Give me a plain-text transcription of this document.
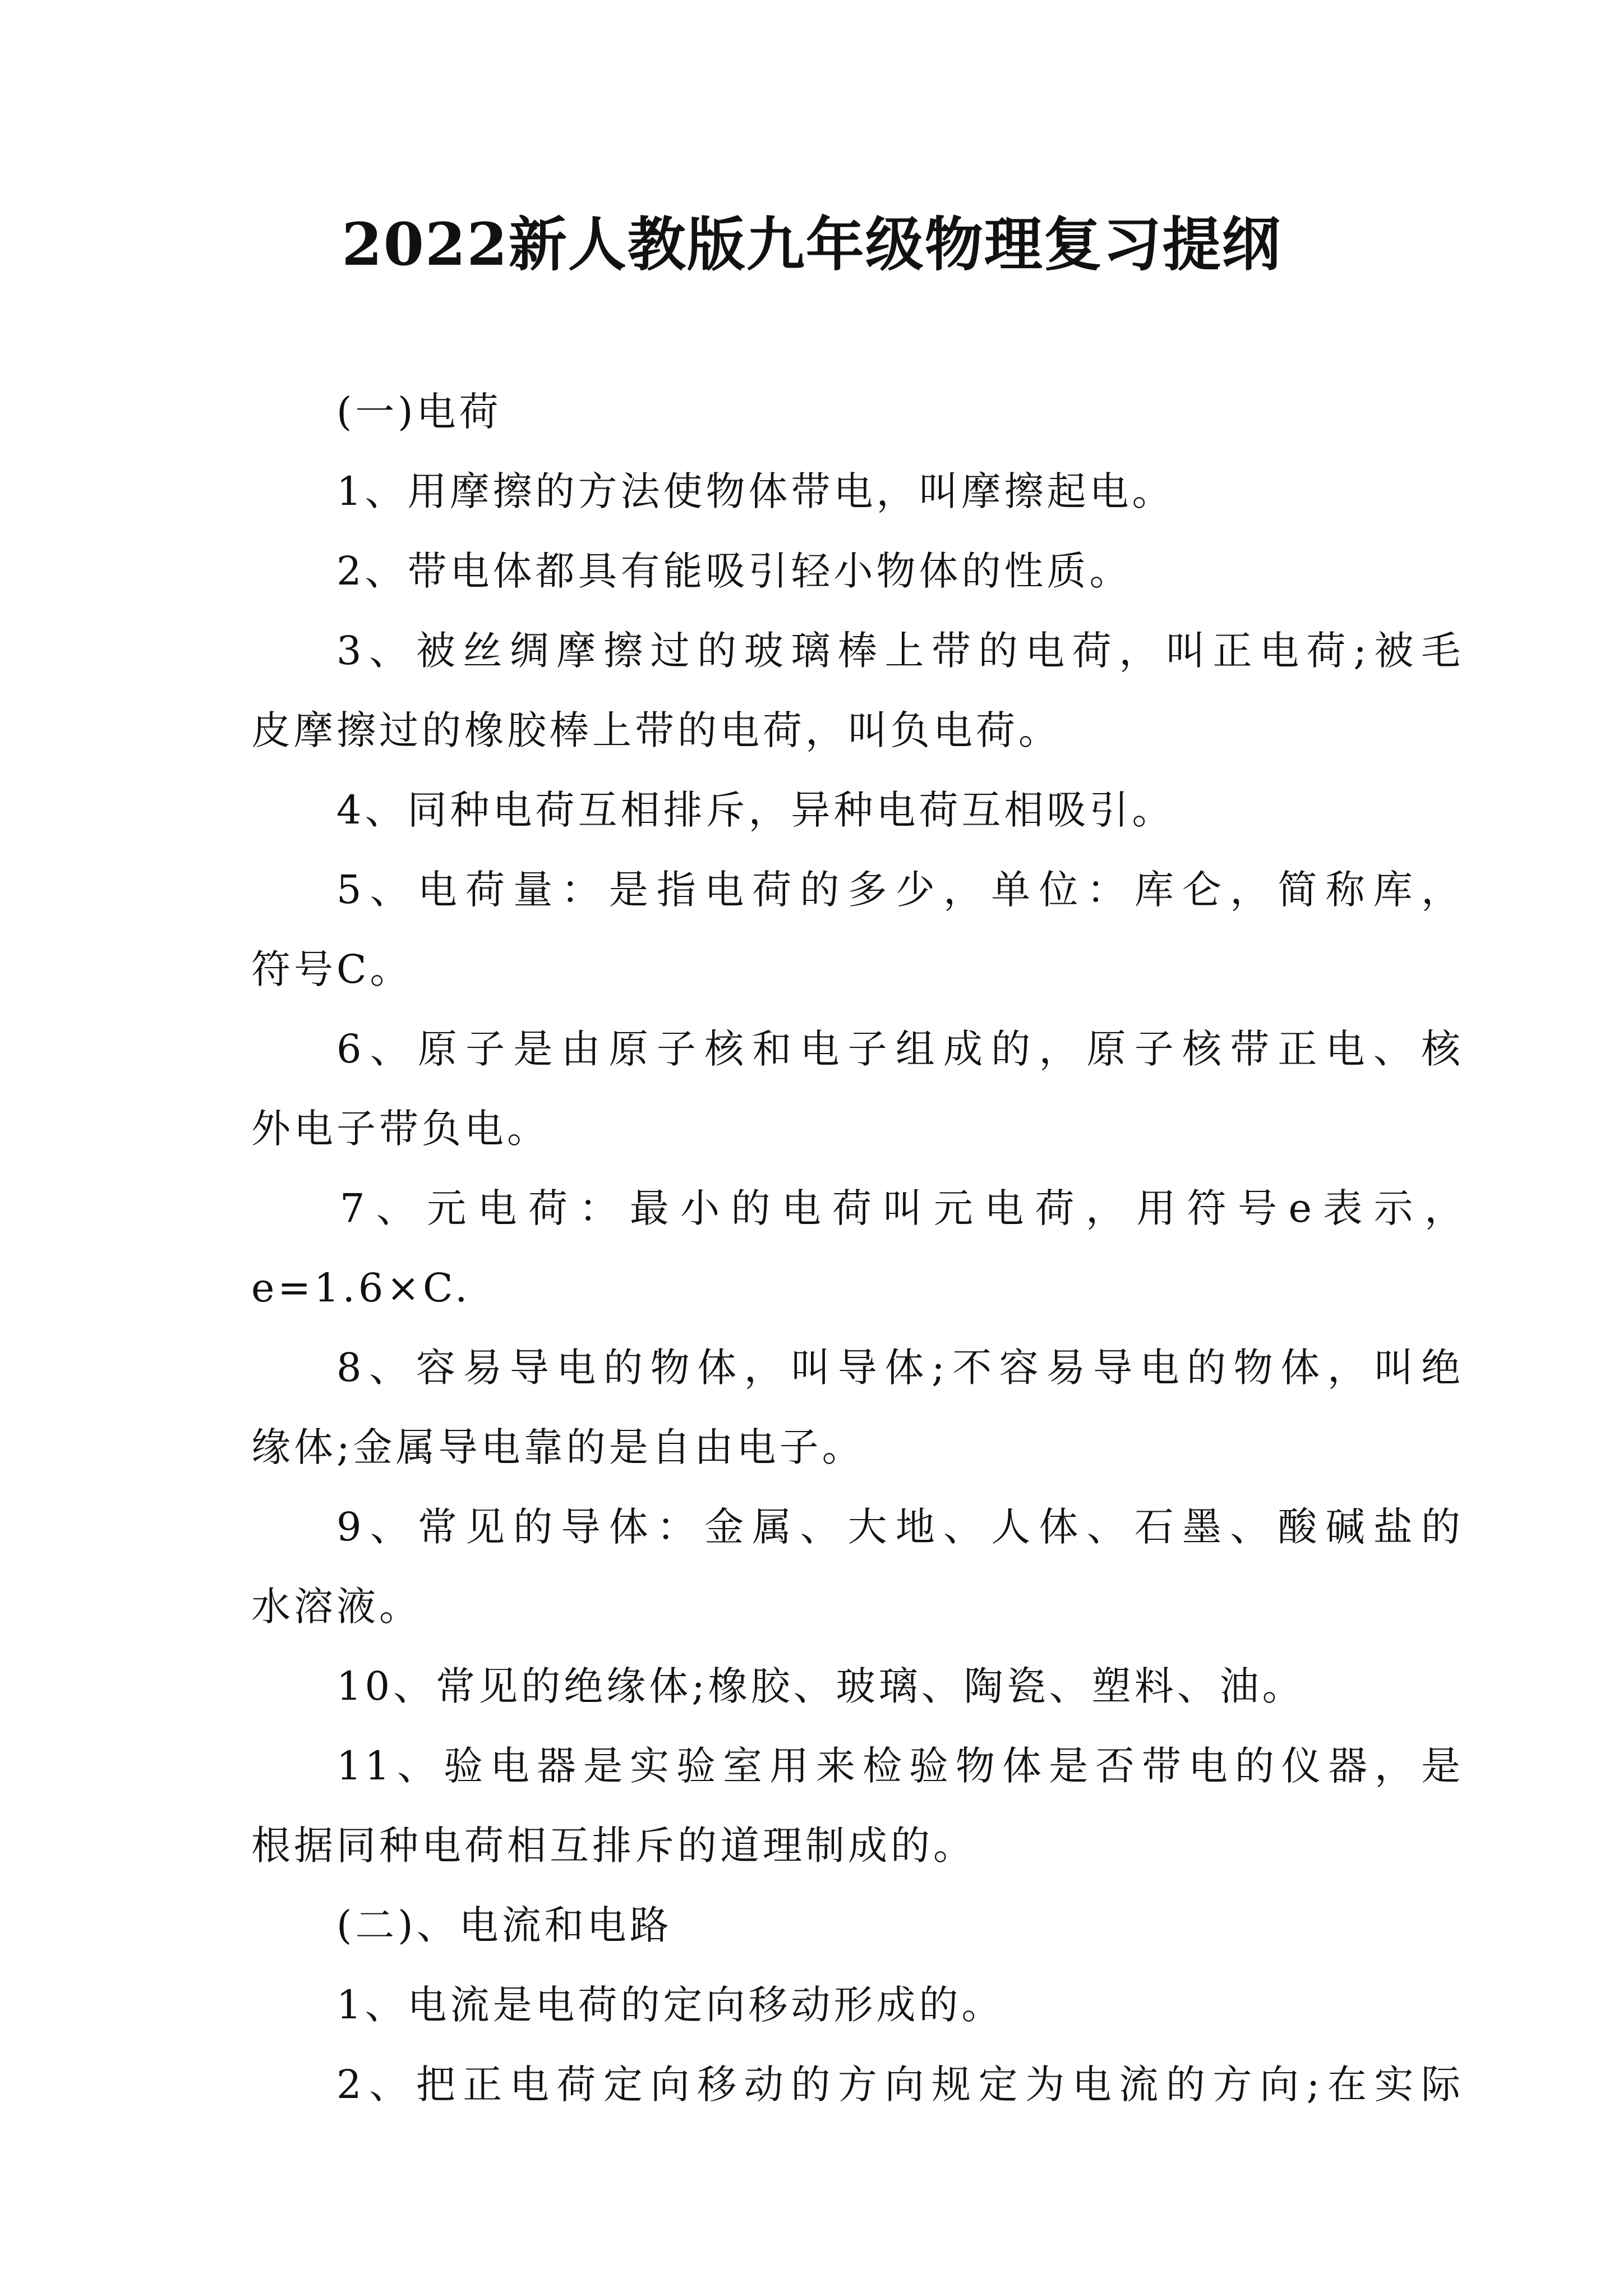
2022新人教版九年级物理复习提纲
(一)电荷
1、用摩擦的方法使物体带电，叫摩擦起电。
2、带电体都具有能吸引轻小物体的性质。
3、被丝绸摩擦过的玻璃棒上带的电荷，叫正电荷;被毛
皮摩擦过的橡胶棒上带的电荷，叫负电荷。
4、同种电荷互相排斥，异种电荷互相吸引。
5、电荷量：是指电荷的多少，单位：库仑，简称库，
符号C。
6、原子是由原子核和电子组成的，原子核带正电、核
外电子带负电。
7、元电荷：最小的电荷叫元电荷，用符号e表示，
e=1.6×C.
8、容易导电的物体，叫导体;不容易导电的物体，叫绝
缘体;金属导电靠的是自由电子。
9、常见的导体：金属、大地、人体、石墨、酸碱盐的
水溶液。
10、常见的绝缘体;橡胶、玻璃、陶瓷、塑料、油。
11、验电器是实验室用来检验物体是否带电的仪器，是
根据同种电荷相互排斥的道理制成的。
(二)、电流和电路
1、电流是电荷的定向移动形成的。
2、把正电荷定向移动的方向规定为电流的方向;在实际
